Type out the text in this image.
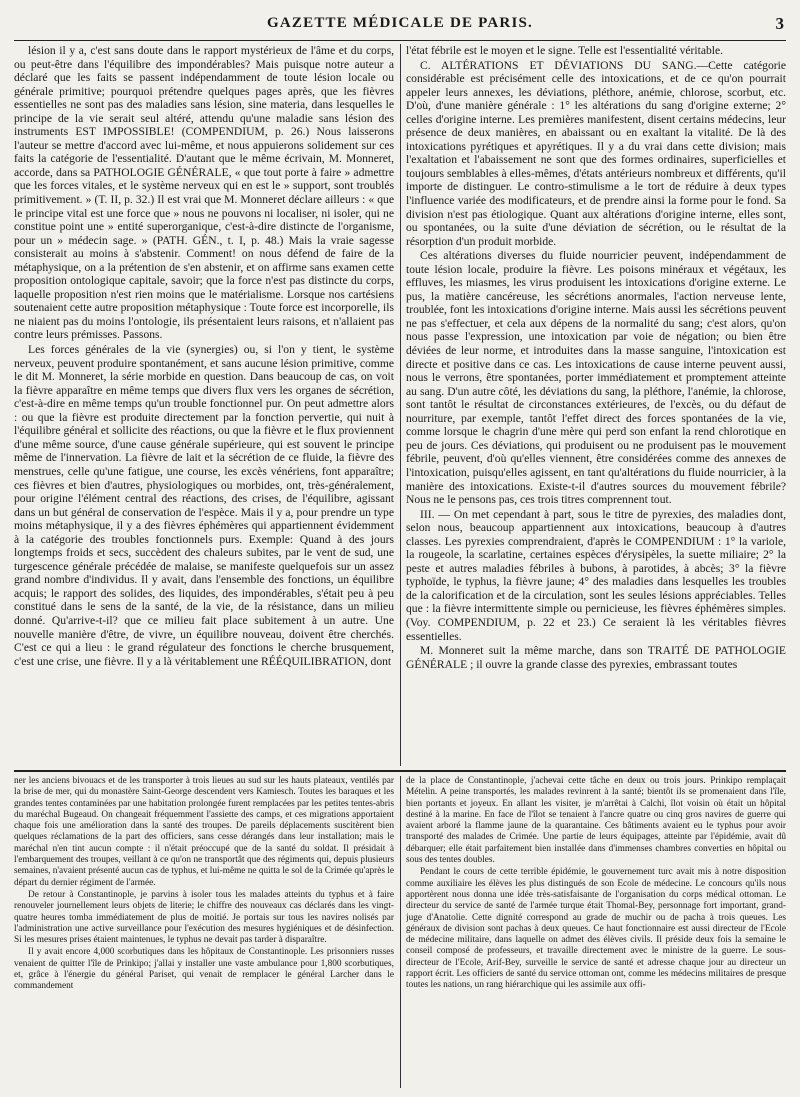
GAZETTE MÉDICALE DE PARIS.	3

lésion il y a, c'est sans doute dans le rapport mystérieux de l'âme et du corps, ou peut-être dans l'équilibre des impondérables? Mais puisque notre auteur a déclaré que les faits se passent indépendamment de toute lésion locale ou générale primitive; pourquoi prétendre quelques pages après, que les fièvres essentielles ne sont pas des maladies sans lésion, sine materia, dans lesquelles le principe de la vie serait seul altéré, attendu qu'une maladie sans lésion des instruments EST IMPOSSIBLE! (COMPENDIUM, p. 26.) Nous laisserons l'auteur se mettre d'accord avec lui-même, et nous appuierons solidement sur ces faits la catégorie de l'essentialité. D'autant que le même écrivain, M. Monneret, accorde, dans sa PATHOLOGIE GÉNÉRALE, « que tout porte à faire » admettre que les forces vitales, et le système nerveux qui en est le » support, sont troublés primitivement. » (T. II, p. 32.) Il est vrai que M. Monneret déclare ailleurs : « que le principe vital est une force que » nous ne pouvons ni localiser, ni isoler, qui ne constitue point une » entité superorganique, c'est-à-dire distincte de l'organisme, pour un » médecin sage. » (PATH. GÉN., t. I, p. 48.) Mais la vraie sagesse consisterait au moins à s'abstenir. Comment! on nous défend de faire de la métaphysique, on a la prétention de s'en abstenir, et on affirme sans examen cette proposition ontologique capitale, savoir; que la force n'est pas distincte du corps, laquelle proposition n'est rien moins que le matérialisme. Lorsque nos cartésiens soutenaient cette autre proposition métaphysique : Toute force est incorporelle, ils ne niaient pas du moins l'ontologie, ils présentaient leurs raisons, et n'allaient pas contre leurs prémisses. Passons.

Les forces générales de la vie (synergies) ou, si l'on y tient, le système nerveux, peuvent produire spontanément, et sans aucune lésion primitive, comme le dit M. Monneret, la série morbide en question. Dans beaucoup de cas, on voit la fièvre apparaître en même temps que divers flux vers les organes de sécrétion, c'est-à-dire en même temps qu'un trouble fonctionnel pur. On peut admettre alors : ou que la fièvre est produite directement par la fonction pervertie, qui nuit à l'équilibre général et sollicite des réactions, ou que la fièvre et le flux proviennent d'une même source, d'une cause générale supérieure, qui est souvent le principe même de l'innervation. La fièvre de lait et la sécrétion de ce fluide, la fièvre des menstrues, celle qu'une fatigue, une course, les excès vénériens, font apparaître; ces fièvres et bien d'autres, physiologiques ou morbides, ont, très-généralement, pour origine l'élément central des réactions, des crises, de l'équilibre, agissant dans un but général de conservation de l'espèce. Mais il y a, pour prendre un type moins métaphysique, il y a des fièvres éphémères qui appartiennent évidemment à la catégorie des troubles fonctionnels purs. Exemple: Quand à des jours longtemps froids et secs, succèdent des chaleurs subites, par le vent de sud, une turgescence générale précédée de malaise, se manifeste quelquefois sur un assez grand nombre d'individus. Il y avait, dans l'ensemble des fonctions, un équilibre acquis; le rapport des solides, des liquides, des impondérables, s'était peu à peu constitué dans le sens de la santé, de la vie, de la résistance, dans un milieu donné. Qu'arrive-t-il? que ce milieu fait place subitement à un autre. Une nouvelle manière d'être, de vivre, un équilibre nouveau, doivent être cherchés. C'est ce qui a lieu : le grand régulateur des fonctions le cherche brusquement, c'est une crise, une fièvre. Il y a là véritablement une RÉÉQUILIBRATION, dont

l'état fébrile est le moyen et le signe. Telle est l'essentialité véritable.

C. ALTÉRATIONS ET DÉVIATIONS DU SANG.—Cette catégorie considérable est précisément celle des intoxications, et de ce qu'on pourrait appeler leurs annexes, les déviations, pléthore, anémie, chlorose, scorbut, etc. D'où, d'une manière générale : 1° les altérations du sang d'origine externe; 2° celles d'origine interne. Les premières manifestent, disent certains médecins, leur présence de deux manières, en abaissant ou en exaltant la vitalité. De là des intoxications pyrétiques et apyrétiques. Il y a du vrai dans cette division; mais l'exaltation et l'abaissement ne sont que des formes ordinaires, superficielles et toujours semblables à elles-mêmes, d'états antérieurs nombreux et différents, qu'il importe de distinguer. Le contro-stimulisme a le tort de réduire à deux types l'influence variée des modificateurs, et de prendre ainsi la forme pour le fond. Sa division n'est pas étiologique. Quant aux altérations d'origine interne, elles sont, ou spontanées, ou la suite d'une déviation de sécrétion, ou le résultat de la résorption d'un produit morbide.

Ces altérations diverses du fluide nourricier peuvent, indépendamment de toute lésion locale, produire la fièvre. Les poisons minéraux et végétaux, les effluves, les miasmes, les virus produisent les intoxications d'origine externe. Le pus, la matière cancéreuse, les sécrétions anormales, l'action nerveuse lente, troublée, font les intoxications d'origine interne. Mais aussi les sécrétions peuvent ne pas s'effectuer, et cela aux dépens de la normalité du sang; c'est alors, qu'on nous passe l'expression, une intoxication par voie de négation; ou bien être déviées de leur norme, et introduites dans la masse sanguine, l'intoxication est directe et positive dans ce cas. Les intoxications de cause interne peuvent aussi, nous le verrons, être spontanées, porter immédiatement et promptement atteinte au sang. D'un autre côté, les déviations du sang, la pléthore, l'anémie, la chlorose, sont tantôt le résultat de circonstances extérieures, de l'excès, ou du défaut de nourriture, par exemple, tantôt l'effet direct des forces spontanées de la vie, comme lorsque le chagrin d'une mère qui perd son enfant la rend chlorotique en peu de jours. Ces déviations, qui produisent ou ne produisent pas le mouvement fébrile, peuvent, d'où qu'elles viennent, être considérées comme des annexes de l'intoxication, puisqu'elles agissent, en tant qu'altérations du fluide nourricier, à la manière des intoxications. Existe-t-il d'autres sources du mouvement fébrile? Nous ne le pensons pas, ces trois titres comprennent tout.

III. — On met cependant à part, sous le titre de pyrexies, des maladies dont, selon nous, beaucoup appartiennent aux intoxications, beaucoup à d'autres classes. Les pyrexies comprendraient, d'après le COMPENDIUM : 1° la variole, la rougeole, la scarlatine, certaines espèces d'érysipèles, la suette miliaire; 2° la peste et autres maladies fébriles à bubons, à parotides, à abcès; 3° la fièvre typhoïde, le typhus, la fièvre jaune; 4° des maladies dans lesquelles les troubles de la calorification et de la circulation, sont les seules lésions appréciables. Telles que : la fièvre intermittente simple ou pernicieuse, les fièvres éphémères simples. (Voy. COMPENDIUM, p. 22 et 23.) Ce seraient là les véritables fièvres essentielles.

M. Monneret suit la même marche, dans son TRAITÉ DE PATHOLOGIE GÉNÉRALE ; il ouvre la grande classe des pyrexies, embrassant toutes

ner les anciens bivouacs et de les transporter à trois lieues au sud sur les hauts plateaux, ventilés par la brise de mer, qui du monastère Saint-George descendent vers Kamiesch. Toutes les baraques et les grandes tentes contaminées par une habitation prolongée furent remplacées par les petites tentes-abris du maréchal Bugeaud. On changeait fréquemment l'assiette des camps, et ces migrations apportaient chaque fois une amélioration dans la santé des troupes. De pareils déplacements suscitèrent bien quelques réclamations de la part des officiers, sans cesse dérangés dans leur installation; mais le maréchal n'en tint aucun compte : il n'était préoccupé que de la santé du soldat. Il présidait à l'embarquement des troupes, veillant à ce qu'on ne transportât que des régiments qui, depuis plusieurs semaines, n'avaient présenté aucun cas de typhus, et lui-même ne quitta le sol de la Crimée qu'après le départ du dernier régiment de l'armée.

De retour à Constantinople, je parvins à isoler tous les malades atteints du typhus et à faire renouveler journellement leurs objets de literie; le chiffre des nouveaux cas déclarés dans les vingt-quatre heures tomba immédiatement de plus de moitié. Je portais sur tous les navires nolisés par l'administration une active surveillance pour l'exécution des mesures hygiéniques et de désinfection. Si les mesures prises étaient maintenues, le typhus ne devait pas tarder à disparaître.

Il y avait encore 4,000 scorbutiques dans les hôpitaux de Constantinople. Les prisonniers russes venaient de quitter l'île de Prinkipo; j'allai y installer une vaste ambulance pour 1,800 scorbutiques, et, grâce à l'énergie du général Pariset, qui venait de remplacer le général Larcher dans le commandement

de la place de Constantinople, j'achevai cette tâche en deux ou trois jours. Prinkipo remplaçait Mételin. A peine transportés, les malades revinrent à la santé; bientôt ils se promenaient dans l'île, bien portants et joyeux. En allant les visiter, je m'arrêtai à Calchi, îlot voisin où était un hôpital destiné à la marine. En face de l'îlot se tenaient à l'ancre quatre ou cinq gros navires de guerre qui avaient arboré la flamme jaune de la quarantaine. Ces bâtiments avaient eu le typhus pour avoir transporté des malades de Crimée. Une partie de leurs équipages, atteinte par l'épidémie, avait dû débarquer; elle était parfaitement bien installée dans d'immenses chambres converties en hôpital ou sous des tentes doubles.

Pendant le cours de cette terrible épidémie, le gouvernement turc avait mis à notre disposition comme auxiliaire les élèves les plus distingués de son Ecole de médecine. Le concours qu'ils nous apportèrent nous donna une idée très-satisfaisante de l'organisation du corps médical ottoman. Le directeur du service de santé de l'armée turque était Thomal-Bey, personnage fort important, grand-juge d'Anatolie. Cette dignité correspond au grade de muchir ou de pacha à trois queues. Les généraux de division sont pachas à deux queues. Ce haut fonctionnaire est aussi directeur de l'Ecole de médecine militaire, dans laquelle on admet des élèves civils. Il préside deux fois la semaine le conseil composé de professeurs, et travaille directement avec le ministre de la guerre. Le sous-directeur de l'Ecole, Arif-Bey, surveille le service de santé et adresse chaque jour au directeur un rapport écrit. Les officiers de santé du service ottoman ont, comme les médecins militaires de presque toutes les nations, un rang hiérarchique qui les assimile aux offi-
